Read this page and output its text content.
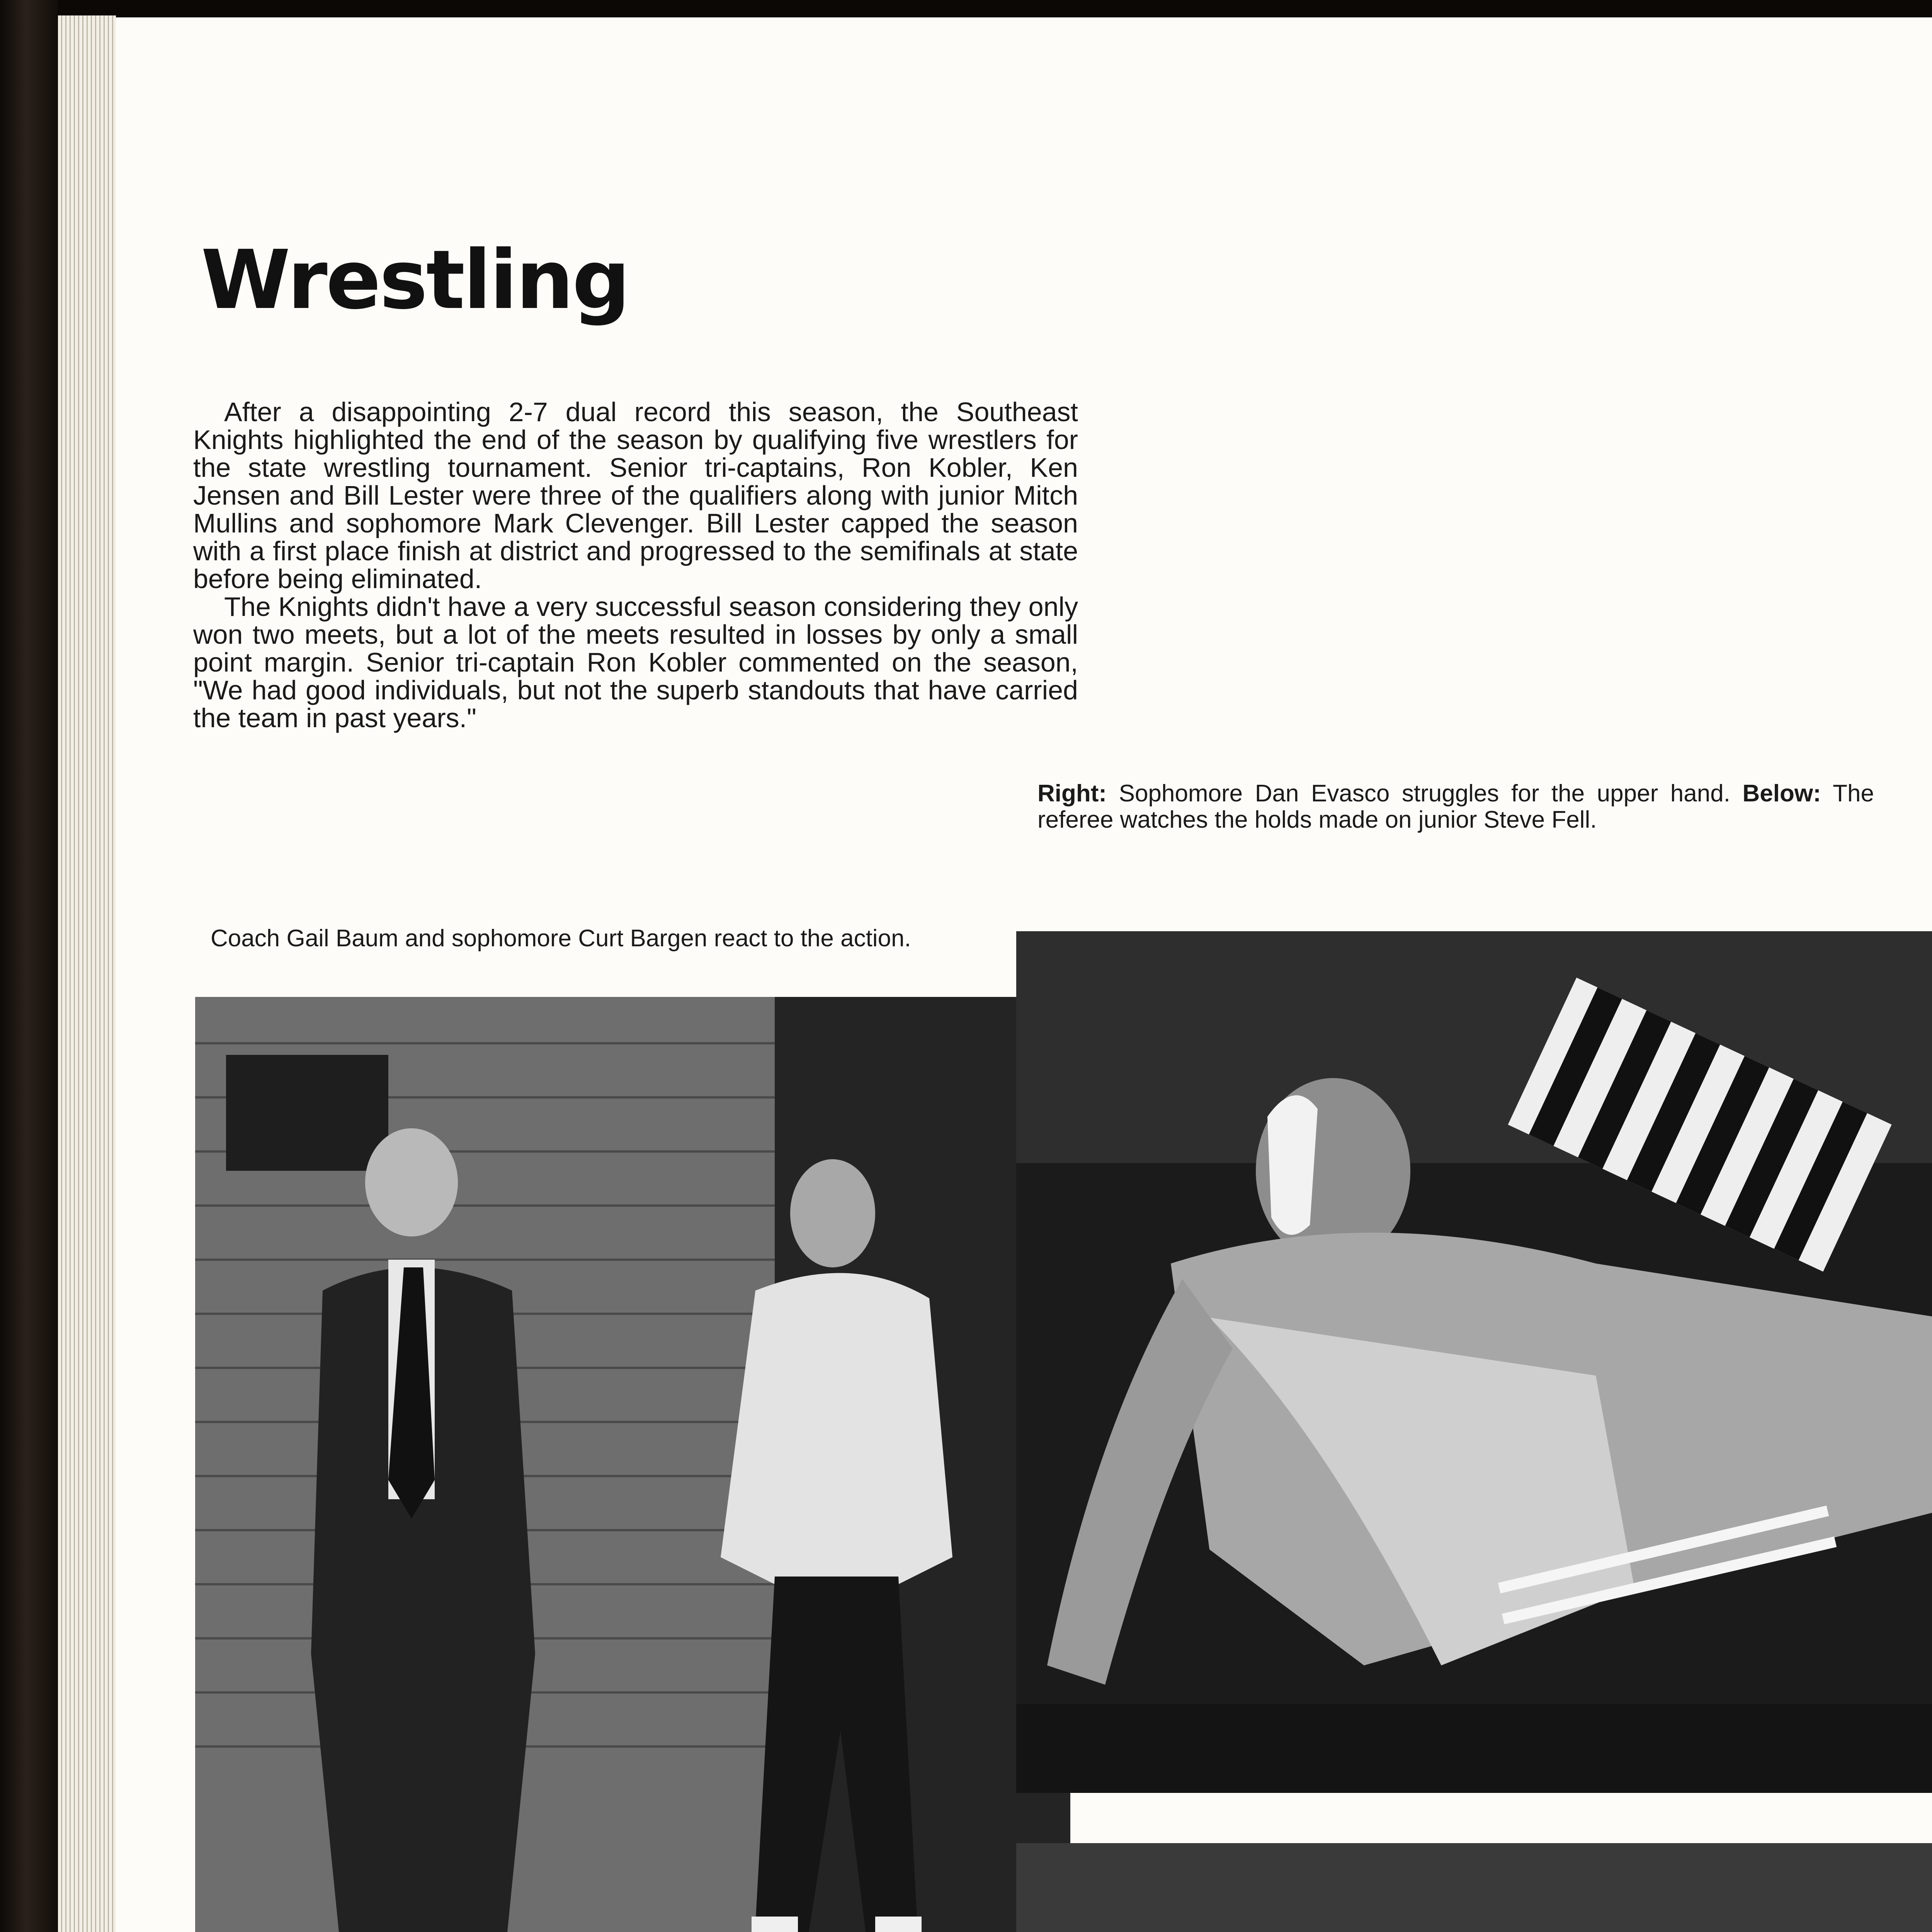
Wrestling

After a disappointing 2-7 dual record this season, the Southeast Knights highlighted the end of the season by qualifying five wrestlers for the state wrestling tournament. Senior tri-captains, Ron Kobler, Ken Jensen and Bill Lester were three of the qualifiers along with junior Mitch Mullins and sophomore Mark Clevenger. Bill Lester capped the season with a first place finish at district and progressed to the semifinals at state before being eliminated.

The Knights didn't have a very successful season considering they only won two meets, but a lot of the meets resulted in losses by only a small point margin. Senior tri-captain Ron Kobler commented on the season, "We had good individuals, but not the superb standouts that have carried the team in past years."

Right: Sophomore Dan Evasco struggles for the upper hand. Below: The referee watches the holds made on junior Steve Fell.

Coach Gail Baum and sophomore Curt Bargen react to the action.
